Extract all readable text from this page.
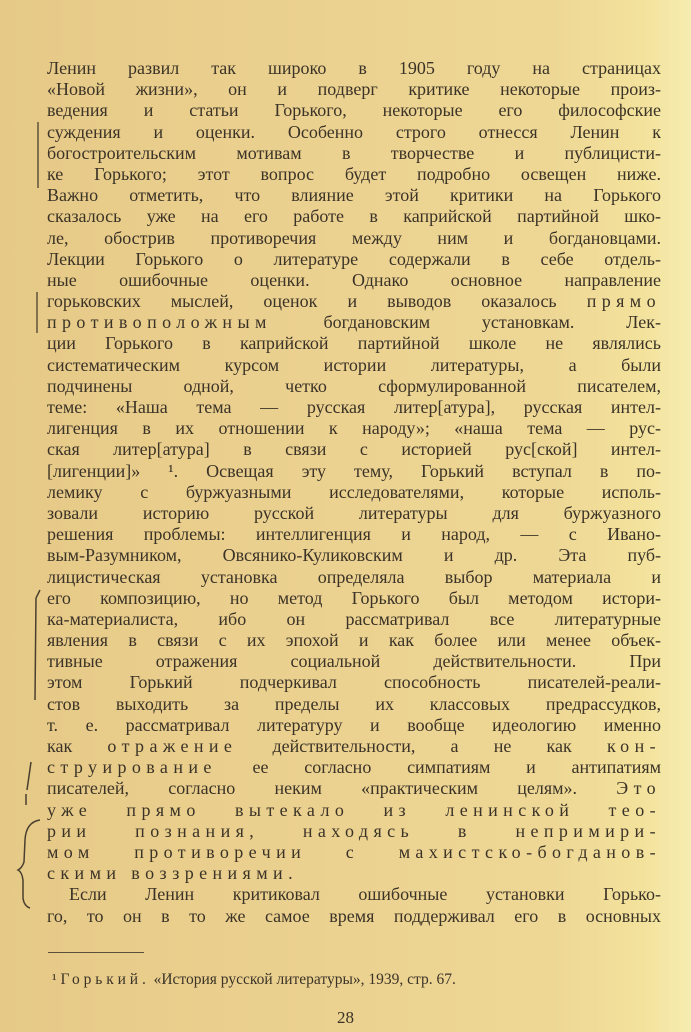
Ленин развил так широко в 1905 году на страницах
«Новой жизни», он и подверг критике некоторые произ-
ведения и статьи Горького, некоторые его философские
суждения и оценки. Особенно строго отнесся Ленин к
богостроительским мотивам в творчестве и публицисти-
ке Горького; этот вопрос будет подробно освещен ниже.
Важно отметить, что влияние этой критики на Горького
сказалось уже на его работе в каприйской партийной шко-
ле, обострив противоречия между ним и богдановцами.
Лекции Горького о литературе содержали в себе отдель-
ные ошибочные оценки. Однако основное направление
горьковских мыслей, оценок и выводов оказалось прямо
противоположным богдановским установкам. Лек-
ции Горького в каприйской партийной школе не являлись
систематическим курсом истории литературы, а были
подчинены одной, четко сформулированной писателем,
теме: «Наша тема — русская литер[атура], русская интел-
лигенция в их отношении к народу»; «наша тема — рус-
ская литер[атура] в связи с историей рус[ской] интел-
[лигенции]» ¹. Освещая эту тему, Горький вступал в по-
лемику с буржуазными исследователями, которые исполь-
зовали историю русской литературы для буржуазного
решения проблемы: интеллигенция и народ, — с Ивано-
вым-Разумником, Овсянико-Куликовским и др. Эта пуб-
лицистическая установка определяла выбор материала и
его композицию, но метод Горького был методом истори-
ка-материалиста, ибо он рассматривал все литературные
явления в связи с их эпохой и как более или менее объек-
тивные отражения социальной действительности. При
этом Горький подчеркивал способность писателей-реали-
стов выходить за пределы их классовых предрассудков,
т. е. рассматривал литературу и вообще идеологию именно
как отражение действительности, а не как кон-
струирование ее согласно симпатиям и антипатиям
писателей, согласно неким «практическим целям». Это
уже прямо вытекало из ленинской тео-
рии познания, находясь в непримири-
мом противоречии с махистско-богданов-
скими воззрениями.
Если Ленин критиковал ошибочные установки Горько-
го, то он в то же самое время поддерживал его в основных
¹ Горький. «История русской литературы», 1939, стр. 67.
28
